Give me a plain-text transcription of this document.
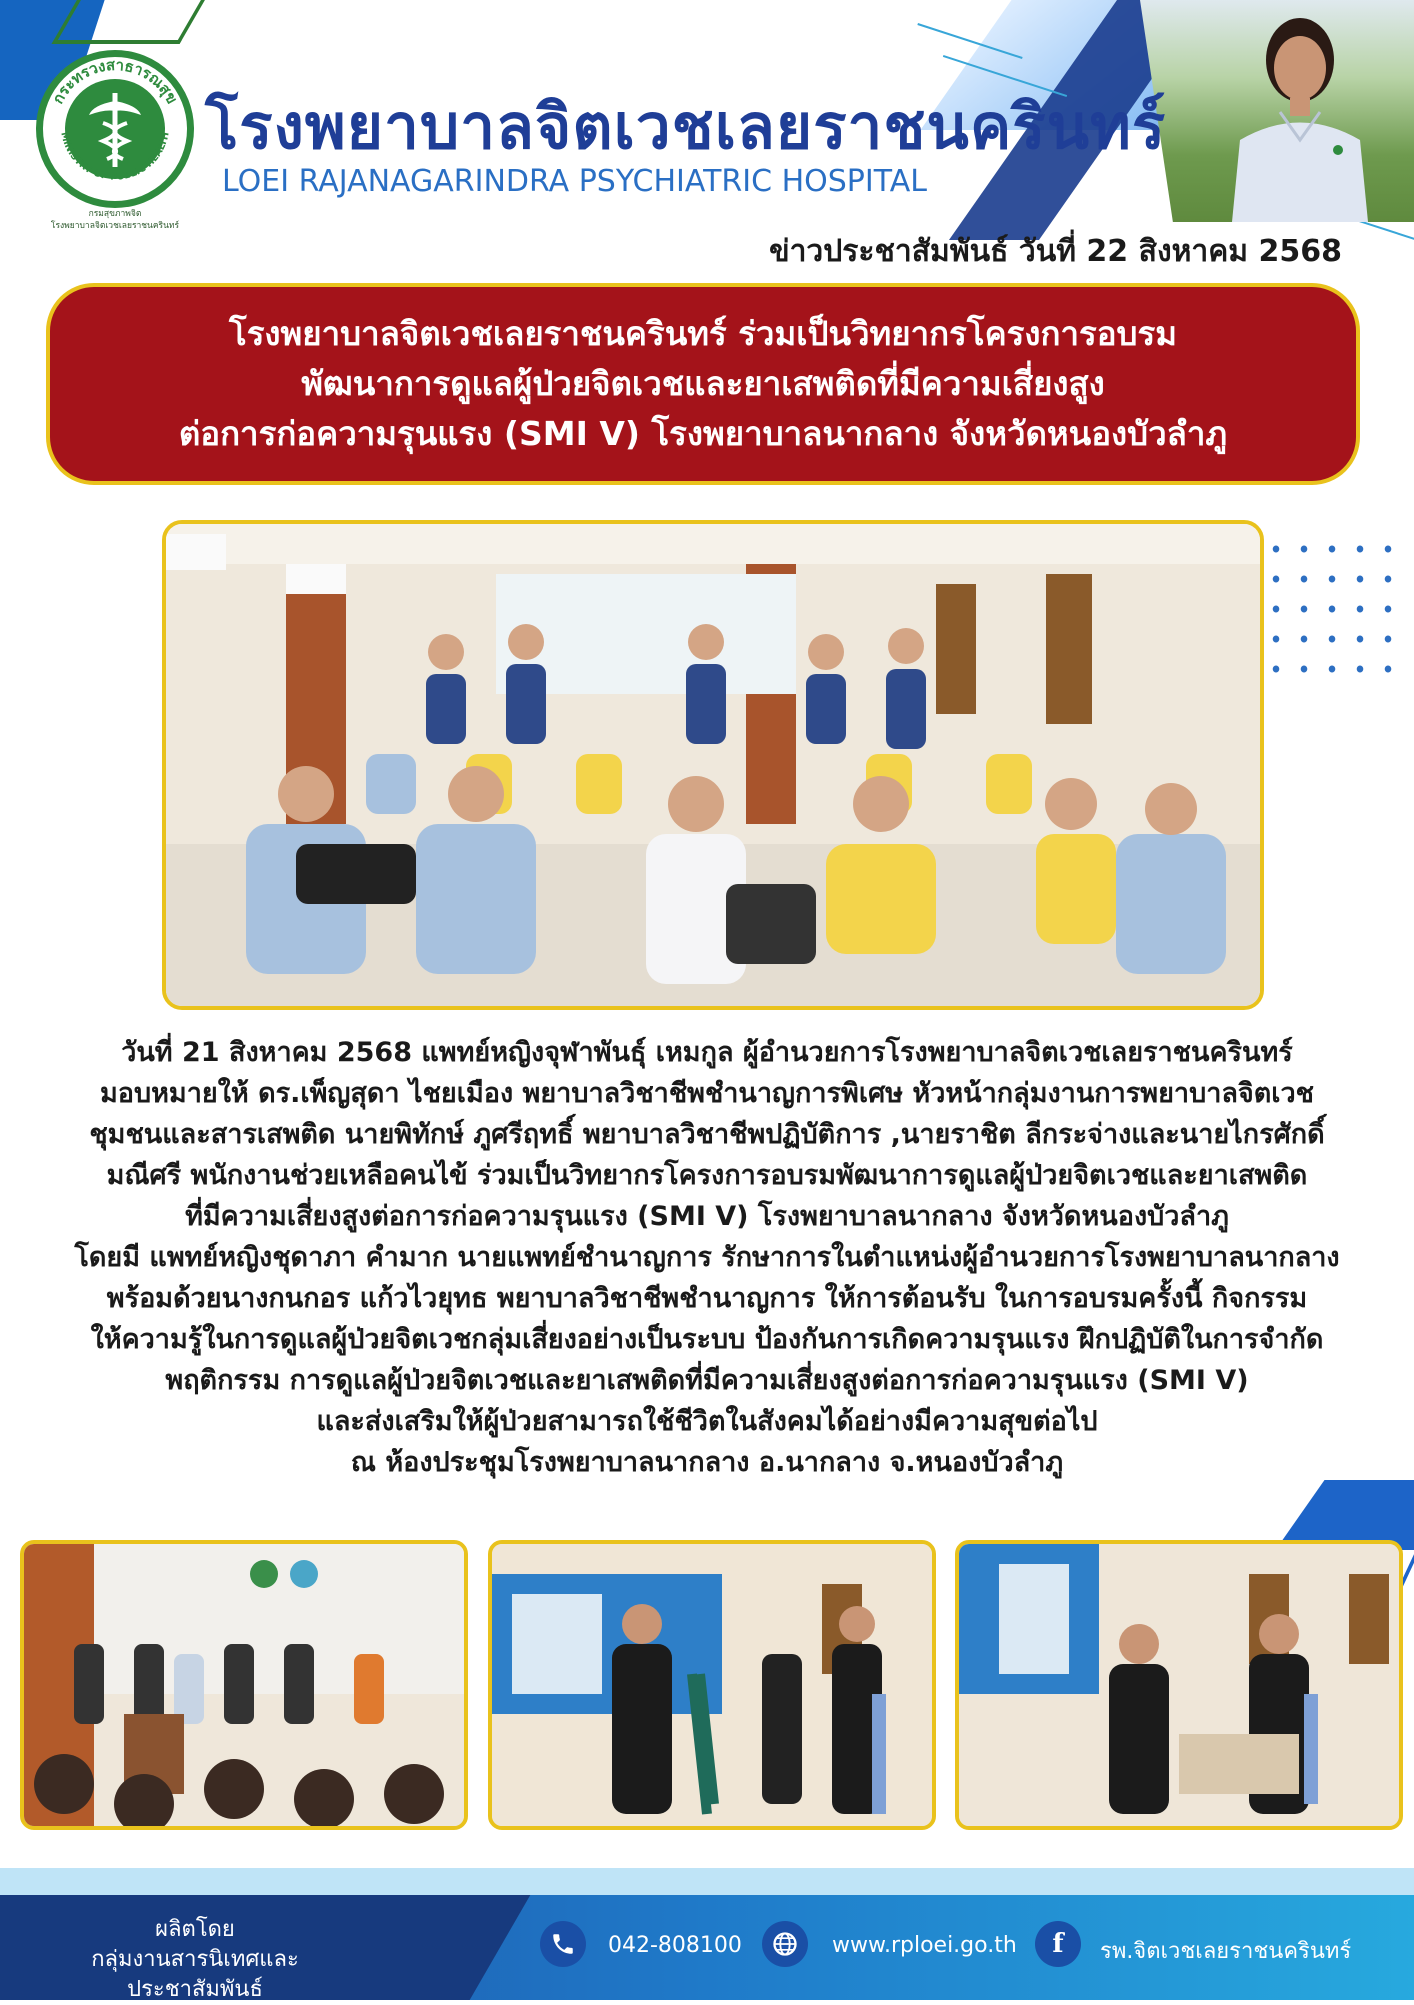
กระทรวงสาธารณสุข
MINISTRY OF PUBLIC HEALTH
กรมสุขภาพจิต
โรงพยาบาลจิตเวชเลยราชนครินทร์
โรงพยาบาลจิตเวชเลยราชนครินทร์
LOEI RAJANAGARINDRA PSYCHIATRIC HOSPITAL
ข่าวประชาสัมพันธ์ วันที่ 22 สิงหาคม 2568
โรงพยาบาลจิตเวชเลยราชนครินทร์ ร่วมเป็นวิทยากรโครงการอบรม
พัฒนาการดูแลผู้ป่วยจิตเวชและยาเสพติดที่มีความเสี่ยงสูง
ต่อการก่อความรุนแรง (SMI V) โรงพยาบาลนากลาง จังหวัดหนองบัวลำภู
วันที่ 21 สิงหาคม 2568 แพทย์หญิงจุฬาพันธุ์ เหมกูล ผู้อำนวยการโรงพยาบาลจิตเวชเลยราชนครินทร์
มอบหมายให้ ดร.เพ็ญสุดา ไชยเมือง พยาบาลวิชาชีพชำนาญการพิเศษ หัวหน้ากลุ่มงานการพยาบาลจิตเวช
ชุมชนและสารเสพติด นายพิทักษ์ ภูศรีฤทธิ์ พยาบาลวิชาชีพปฏิบัติการ ,นายราชิต ลีกระจ่างและนายไกรศักดิ์
มณีศรี พนักงานช่วยเหลือคนไข้ ร่วมเป็นวิทยากรโครงการอบรมพัฒนาการดูแลผู้ป่วยจิตเวชและยาเสพติด
ที่มีความเสี่ยงสูงต่อการก่อความรุนแรง (SMI V) โรงพยาบาลนากลาง จังหวัดหนองบัวลำภู
โดยมี แพทย์หญิงชุดาภา คำมาก นายแพทย์ชำนาญการ รักษาการในตำแหน่งผู้อำนวยการโรงพยาบาลนากลาง
พร้อมด้วยนางกนกอร แก้วไวยุทธ พยาบาลวิชาชีพชำนาญการ ให้การต้อนรับ ในการอบรมครั้งนี้ กิจกรรม
ให้ความรู้ในการดูแลผู้ป่วยจิตเวชกลุ่มเสี่ยงอย่างเป็นระบบ ป้องกันการเกิดความรุนแรง ฝึกปฏิบัติในการจำกัด
พฤติกรรม การดูแลผู้ป่วยจิตเวชและยาเสพติดที่มีความเสี่ยงสูงต่อการก่อความรุนแรง (SMI V)
และส่งเสริมให้ผู้ป่วยสามารถใช้ชีวิตในสังคมได้อย่างมีความสุขต่อไป
ณ ห้องประชุมโรงพยาบาลนากลาง อ.นากลาง จ.หนองบัวลำภู
ผลิตโดย
กลุ่มงานสารนิเทศและประชาสัมพันธ์
042-808100	www.rploei.go.th	f	รพ.จิตเวชเลยราชนครินทร์
